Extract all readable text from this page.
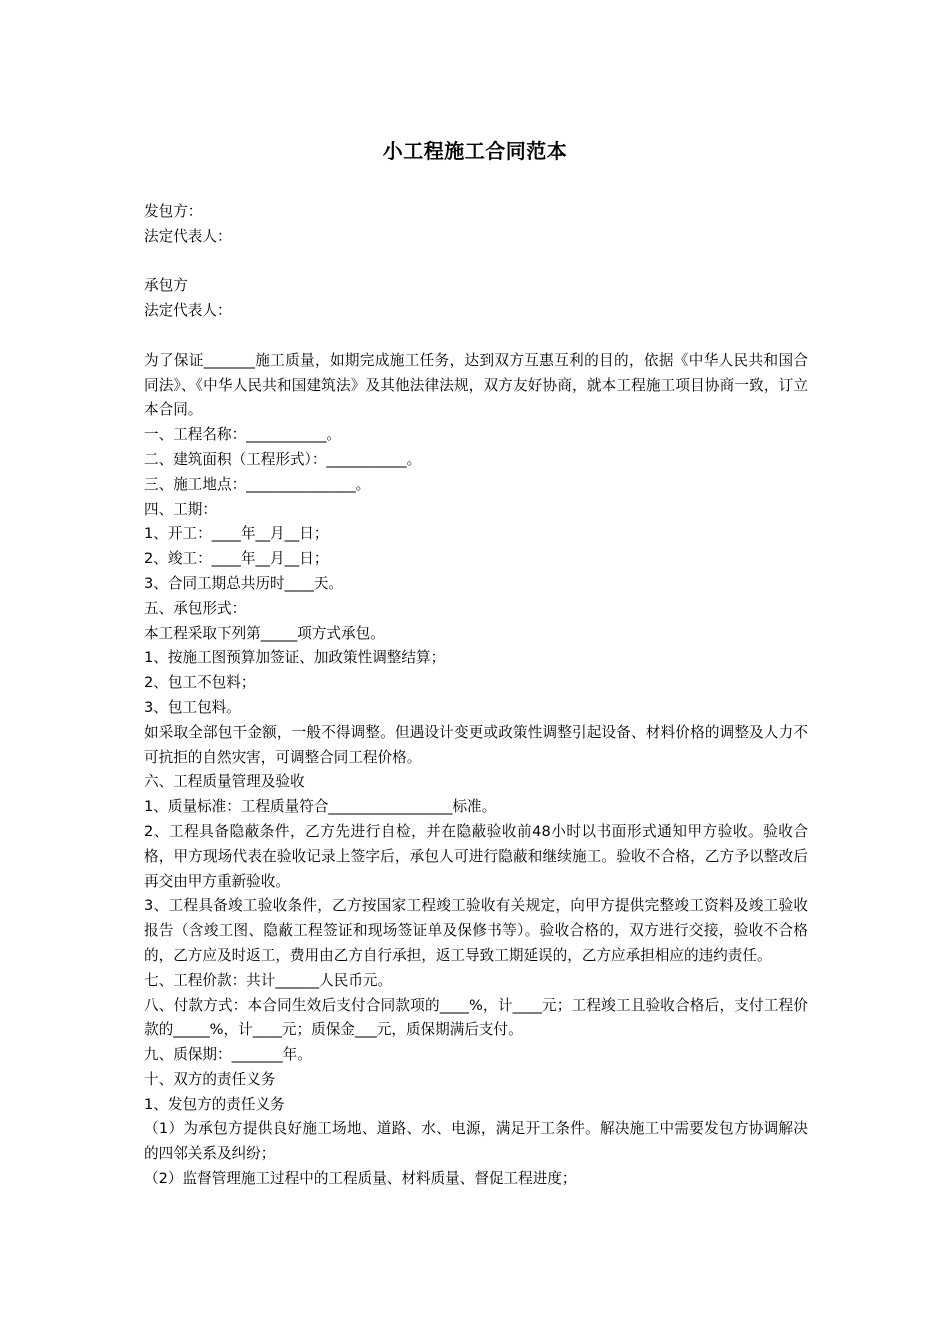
小工程施工合同范本
发包方：
法定代表人：
承包方
法定代表人：
为了保证_______施工质量，如期完成施工任务，达到双方互惠互利的目的，依据《中华人民共和国合同法》、《中华人民共和国建筑法》及其他法律法规，双方友好协商，就本工程施工项目协商一致，订立本合同。
一、工程名称：___________。
二、建筑面积（工程形式）：___________。
三、施工地点：_______________。
四、工期：
1、开工：____年__月__日；
2、竣工：____年__月__日；
3、合同工期总共历时____天。
五、承包形式：
本工程采取下列第_____项方式承包。
1、按施工图预算加签证、加政策性调整结算；
2、包工不包料；
3、包工包料。
如采取全部包干金额，一般不得调整。但遇设计变更或政策性调整引起设备、材料价格的调整及人力不可抗拒的自然灾害，可调整合同工程价格。
六、工程质量管理及验收
1、质量标准：工程质量符合_________________标准。
2、工程具备隐蔽条件，乙方先进行自检，并在隐蔽验收前48小时以书面形式通知甲方验收。验收合格，甲方现场代表在验收记录上签字后，承包人可进行隐蔽和继续施工。验收不合格，乙方予以整改后再交由甲方重新验收。
3、工程具备竣工验收条件，乙方按国家工程竣工验收有关规定，向甲方提供完整竣工资料及竣工验收报告（含竣工图、隐蔽工程签证和现场签证单及保修书等）。验收合格的，双方进行交接，验收不合格的，乙方应及时返工，费用由乙方自行承担，返工导致工期延误的，乙方应承担相应的违约责任。
七、工程价款：共计______人民币元。
八、付款方式：本合同生效后支付合同款项的____%，计____元；工程竣工且验收合格后，支付工程价款的_____%，计____元；质保金___元，质保期满后支付。
九、质保期：_______年。
十、双方的责任义务
1、发包方的责任义务
（1）为承包方提供良好施工场地、道路、水、电源，满足开工条件。解决施工中需要发包方协调解决的四邻关系及纠纷；
（2）监督管理施工过程中的工程质量、材料质量、督促工程进度；
